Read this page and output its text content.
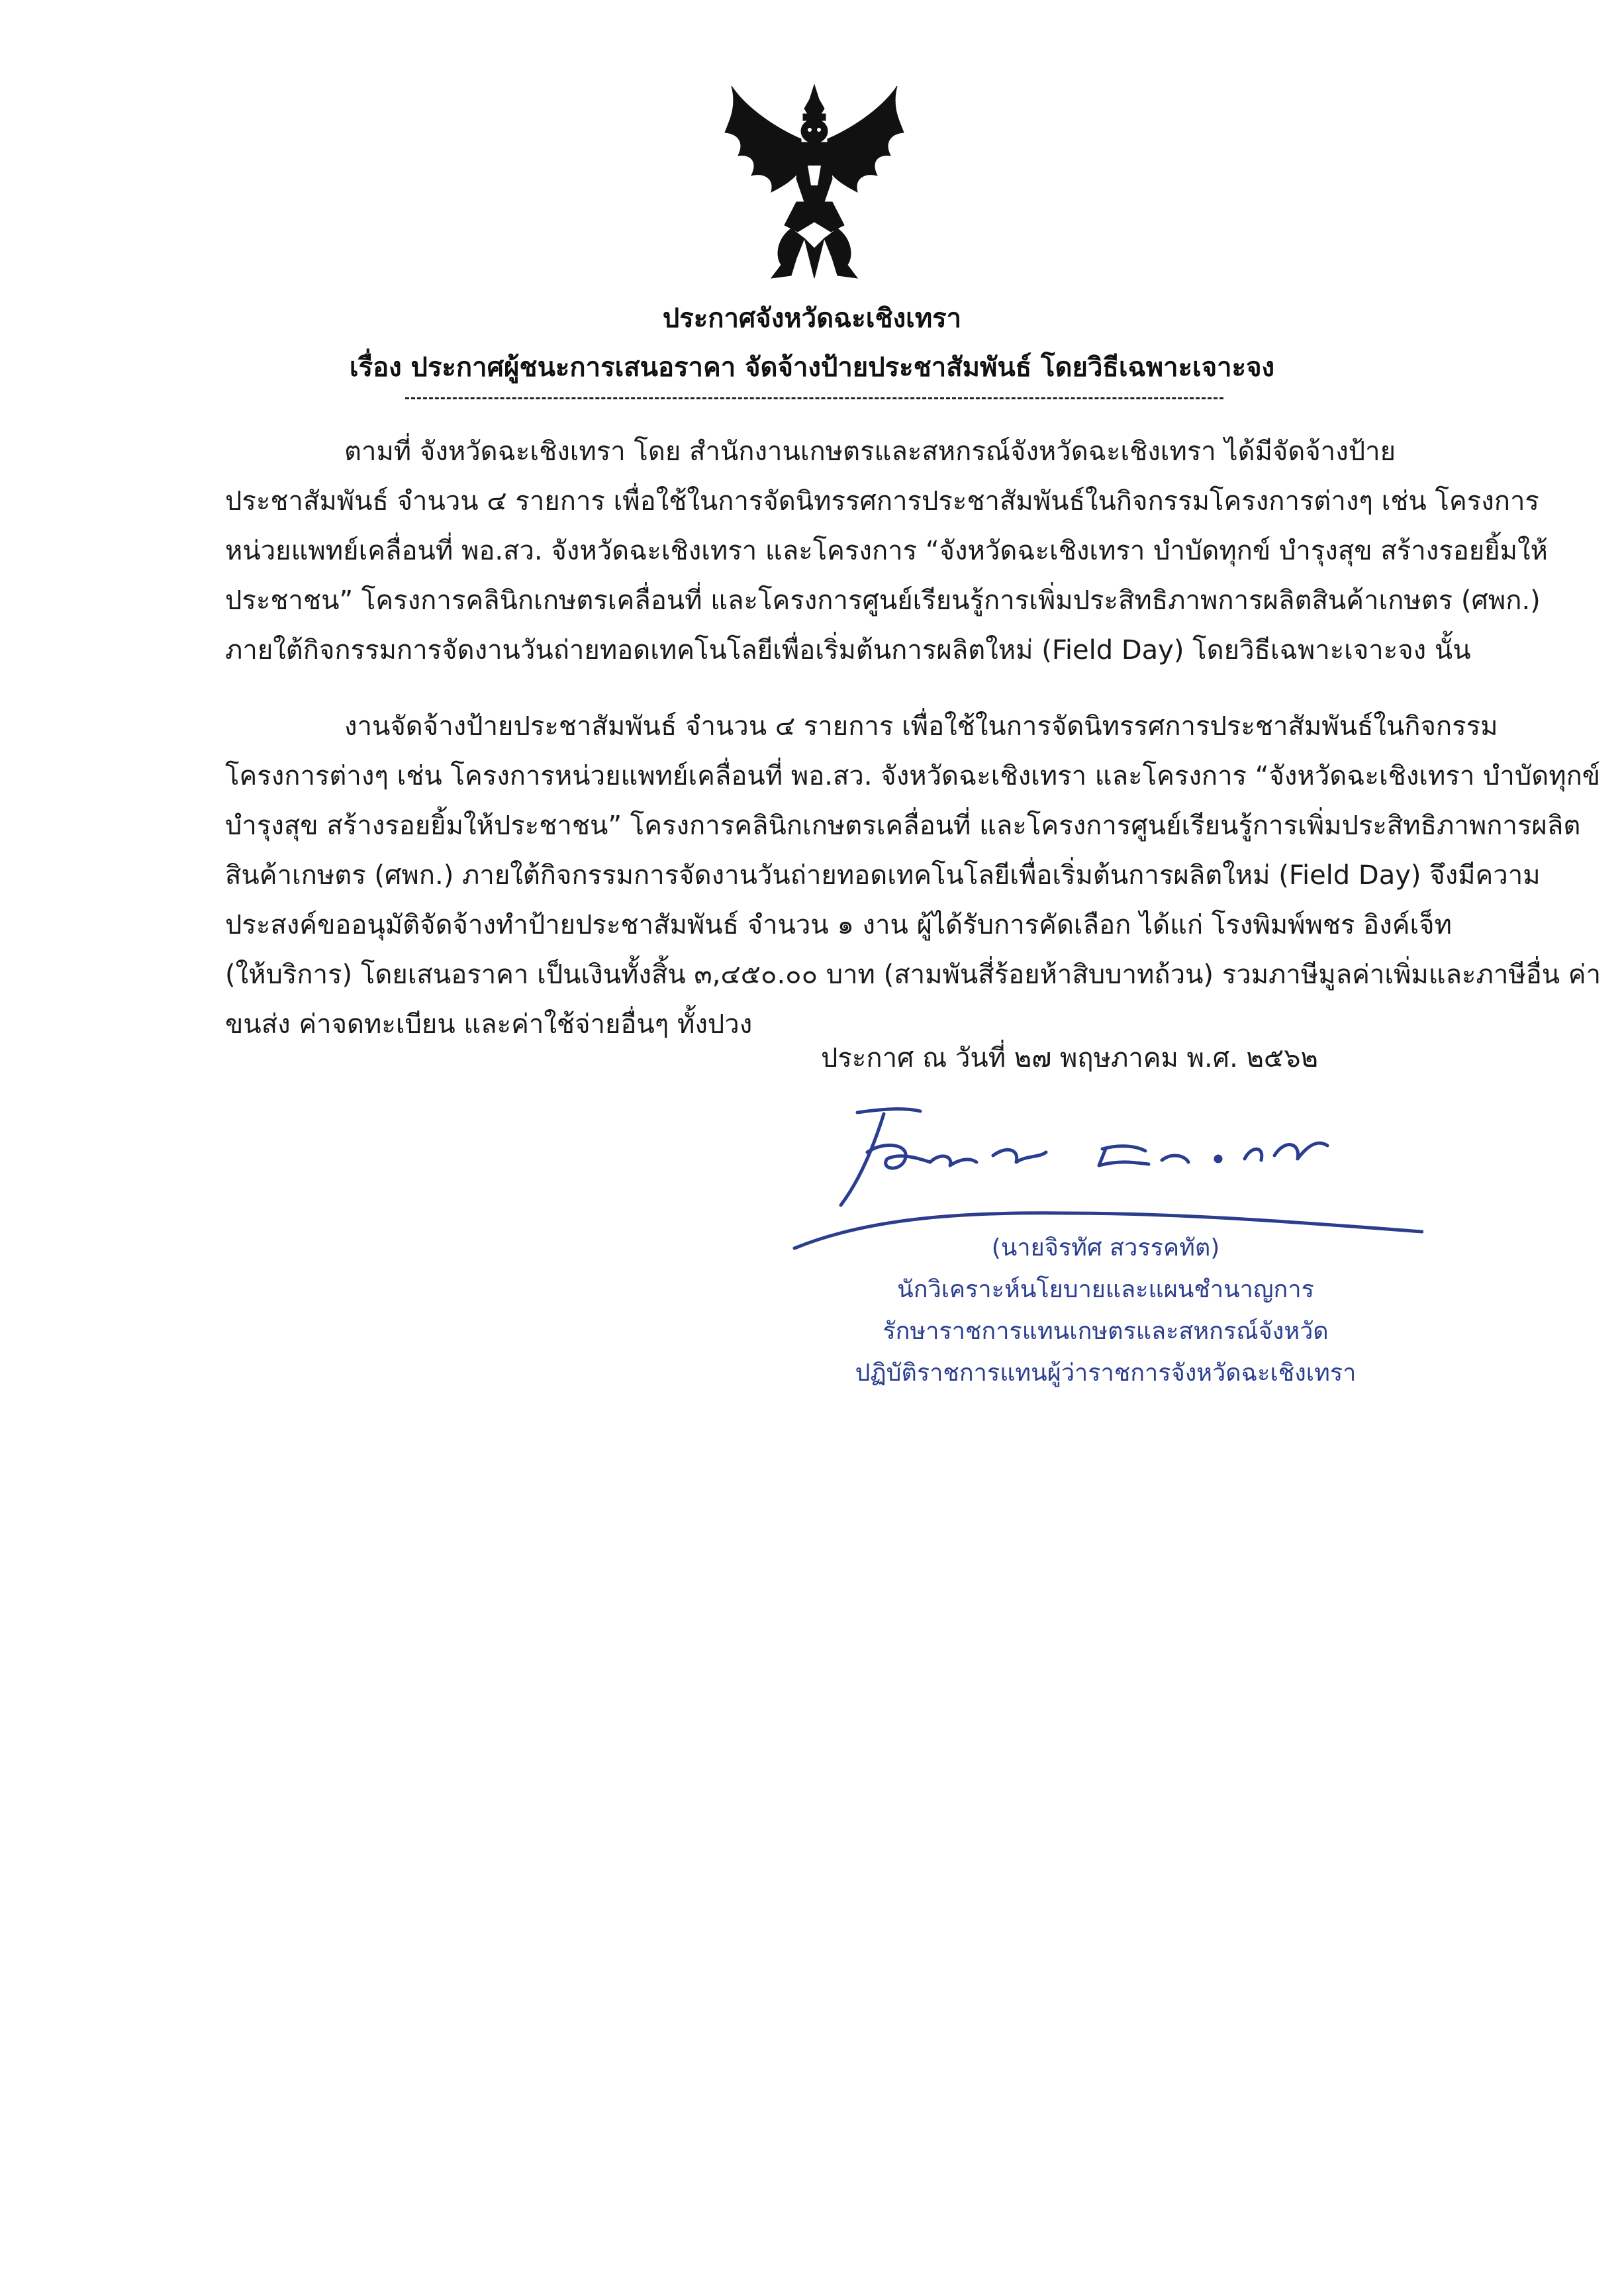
ประกาศจังหวัดฉะเชิงเทรา
เรื่อง ประกาศผู้ชนะการเสนอราคา จัดจ้างป้ายประชาสัมพันธ์ โดยวิธีเฉพาะเจาะจง
ตามที่ จังหวัดฉะเชิงเทรา โดย สำนักงานเกษตรและสหกรณ์จังหวัดฉะเชิงเทรา ได้มีจัดจ้างป้าย
ประชาสัมพันธ์ จำนวน ๔ รายการ เพื่อใช้ในการจัดนิทรรศการประชาสัมพันธ์ในกิจกรรมโครงการต่างๆ เช่น โครงการ
หน่วยแพทย์เคลื่อนที่ พอ.สว. จังหวัดฉะเชิงเทรา และโครงการ “จังหวัดฉะเชิงเทรา บำบัดทุกข์ บำรุงสุข สร้างรอยยิ้มให้
ประชาชน” โครงการคลินิกเกษตรเคลื่อนที่ และโครงการศูนย์เรียนรู้การเพิ่มประสิทธิภาพการผลิตสินค้าเกษตร (ศพก.)
ภายใต้กิจกรรมการจัดงานวันถ่ายทอดเทคโนโลยีเพื่อเริ่มต้นการผลิตใหม่ (Field Day) โดยวิธีเฉพาะเจาะจง นั้น
งานจัดจ้างป้ายประชาสัมพันธ์ จำนวน ๔ รายการ เพื่อใช้ในการจัดนิทรรศการประชาสัมพันธ์ในกิจกรรม
โครงการต่างๆ เช่น โครงการหน่วยแพทย์เคลื่อนที่ พอ.สว. จังหวัดฉะเชิงเทรา และโครงการ “จังหวัดฉะเชิงเทรา บำบัดทุกข์
บำรุงสุข สร้างรอยยิ้มให้ประชาชน” โครงการคลินิกเกษตรเคลื่อนที่ และโครงการศูนย์เรียนรู้การเพิ่มประสิทธิภาพการผลิต
สินค้าเกษตร (ศพก.) ภายใต้กิจกรรมการจัดงานวันถ่ายทอดเทคโนโลยีเพื่อเริ่มต้นการผลิตใหม่ (Field Day) จึงมีความ
ประสงค์ขออนุมัติจัดจ้างทำป้ายประชาสัมพันธ์ จำนวน ๑ งาน ผู้ได้รับการคัดเลือก ได้แก่ โรงพิมพ์พชร อิงค์เจ็ท
(ให้บริการ) โดยเสนอราคา เป็นเงินทั้งสิ้น ๓,๔๕๐.๐๐ บาท (สามพันสี่ร้อยห้าสิบบาทถ้วน) รวมภาษีมูลค่าเพิ่มและภาษีอื่น ค่า
ขนส่ง ค่าจดทะเบียน และค่าใช้จ่ายอื่นๆ ทั้งปวง
ประกาศ ณ วันที่ ๒๗ พฤษภาคม พ.ศ. ๒๕๖๒
(นายจิรทัศ สวรรคทัต)
นักวิเคราะห์นโยบายและแผนชำนาญการ
รักษาราชการแทนเกษตรและสหกรณ์จังหวัด
ปฏิบัติราชการแทนผู้ว่าราชการจังหวัดฉะเชิงเทรา
